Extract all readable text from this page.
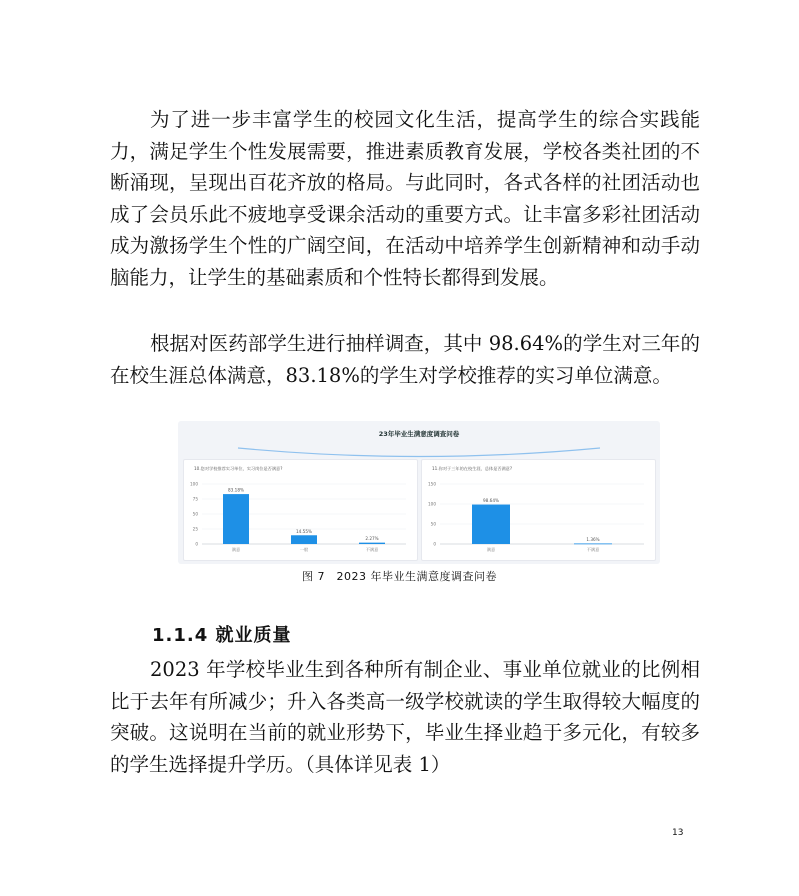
为了进一步丰富学生的校园文化生活，提高学生的综合实践能力，满足学生个性发展需要，推进素质教育发展，学校各类社团的不断涌现，呈现出百花齐放的格局。与此同时，各式各样的社团活动也成了会员乐此不疲地享受课余活动的重要方式。让丰富多彩社团活动成为激扬学生个性的广阔空间，在活动中培养学生创新精神和动手动脑能力，让学生的基础素质和个性特长都得到发展。

根据对医药部学生进行抽样调查，其中 98.64%的学生对三年的在校生涯总体满意，83.18%的学生对学校推荐的实习单位满意。

23年毕业生满意度调查问卷
10.您对学校推荐实习单位，实习岗位是否满意?
100
75
50
25
0
83.18%
满意
14.55%
一般
2.27%
不满意
11.你对于三年的在校生涯，总体是否满意?
150
100
50
0
98.64%
满意
1.36%
不满意
图 7　2023 年毕业生满意度调查问卷
1.1.4 就业质量

2023 年学校毕业生到各种所有制企业、事业单位就业的比例相比于去年有所减少；升入各类高一级学校就读的学生取得较大幅度的突破。这说明在当前的就业形势下，毕业生择业趋于多元化，有较多的学生选择提升学历。（具体详见表 1）

13
